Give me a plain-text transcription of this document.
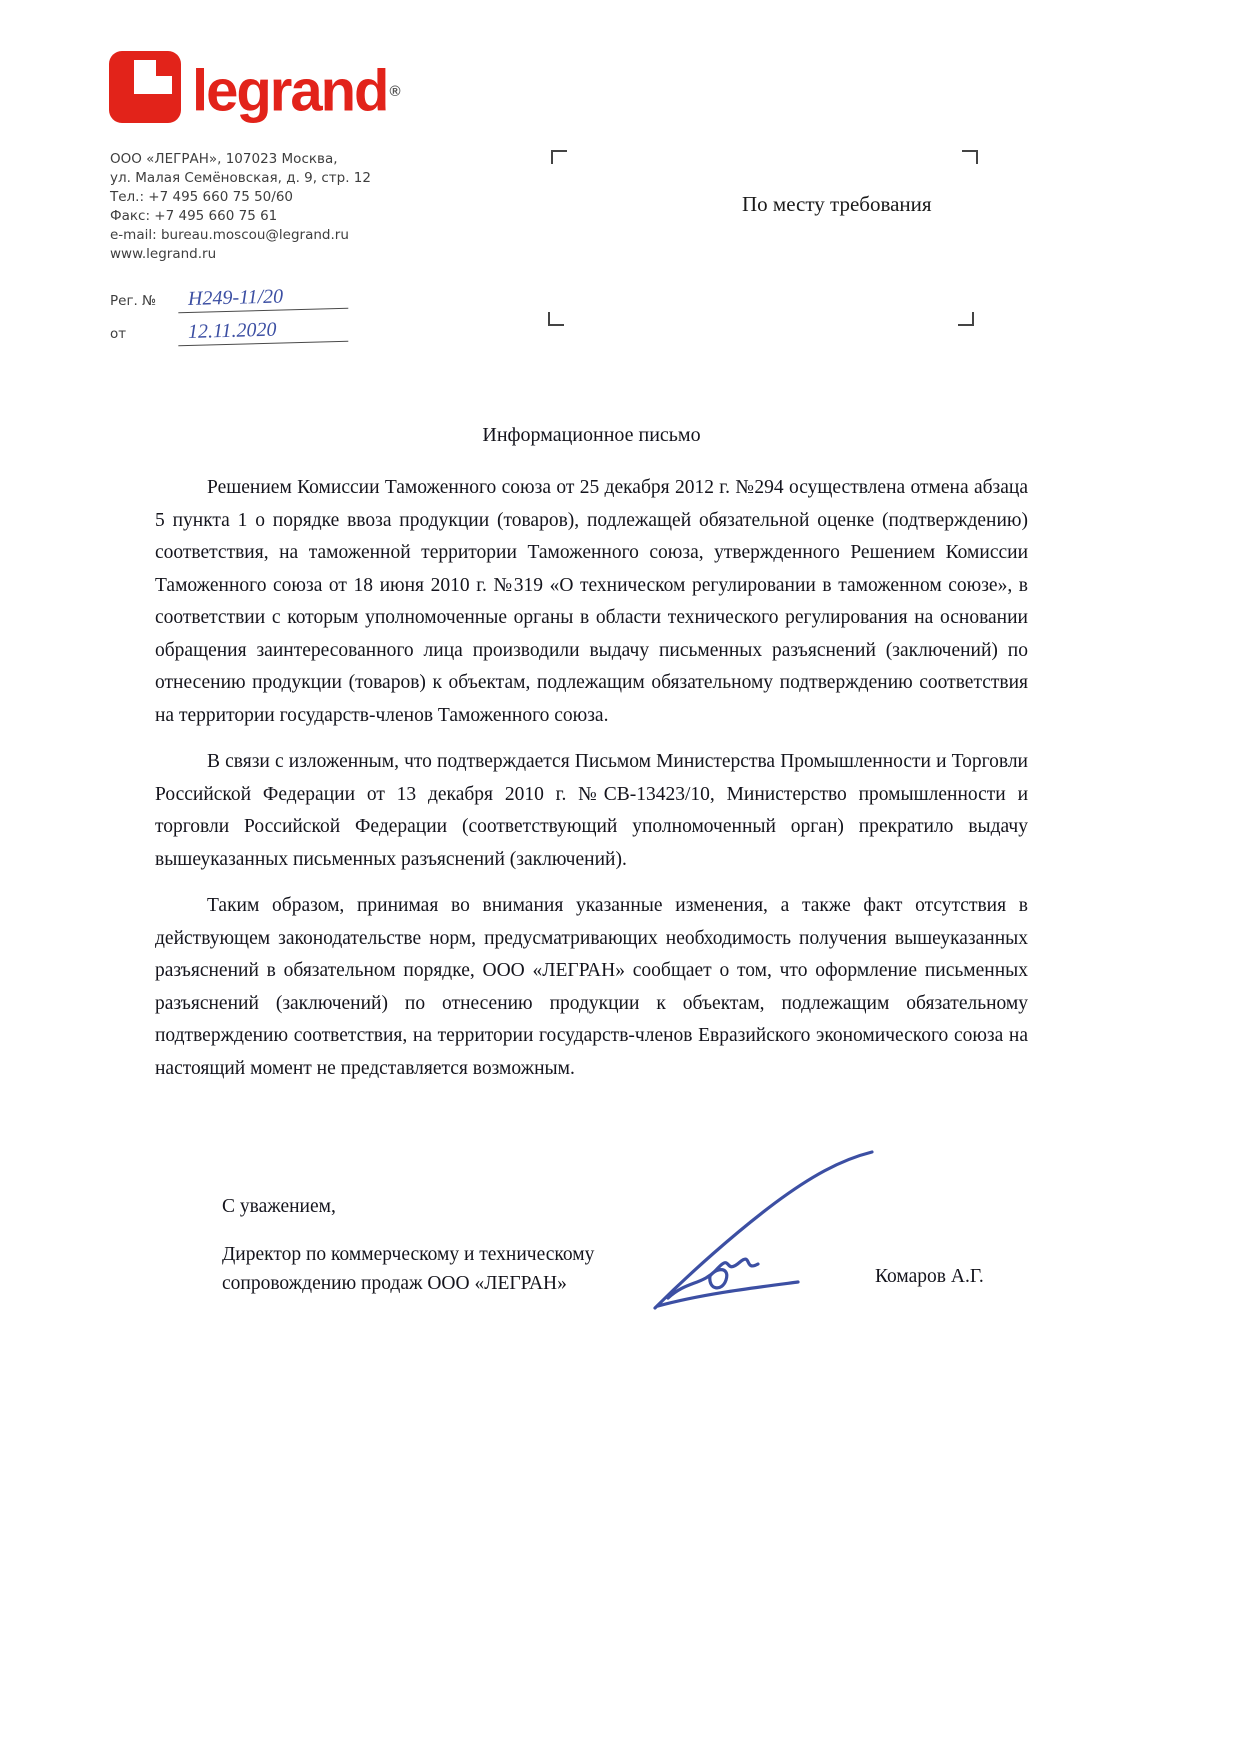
legrand ®
ООО «ЛЕГРАН», 107023 Москва,
ул. Малая Семёновская, д. 9, стр. 12
Тел.: +7 495 660 75 50/60
Факс: +7 495 660 75 61
e-mail: bureau.moscou@legrand.ru
www.legrand.ru
Рег. №	Н249-11/20
от	12.11.2020
По месту требования
Информационное письмо

Решением Комиссии Таможенного союза от 25 декабря 2012 г. №294 осуществлена отмена абзаца 5 пункта 1 о порядке ввоза продукции (товаров), подлежащей обязательной оценке (подтверждению) соответствия, на таможенной территории Таможенного союза, утвержденного Решением Комиссии Таможенного союза от 18 июня 2010 г. №319 «О техническом регулировании в таможенном союзе», в соответствии с которым уполномоченные органы в области технического регулирования на основании обращения заинтересованного лица производили выдачу письменных разъяснений (заключений) по отнесению продукции (товаров) к объектам, подлежащим обязательному подтверждению соответствия на территории государств-членов Таможенного союза.

В связи с изложенным, что подтверждается Письмом Министерства Промышленности и Торговли Российской Федерации от 13 декабря 2010 г. №СВ-13423/10, Министерство промышленности и торговли Российской Федерации (соответствующий уполномоченный орган) прекратило выдачу вышеуказанных письменных разъяснений (заключений).

Таким образом, принимая во внимания указанные изменения, а также факт отсутствия в действующем законодательстве норм, предусматривающих необходимость получения вышеуказанных разъяснений в обязательном порядке, ООО «ЛЕГРАН» сообщает о том, что оформление письменных разъяснений (заключений) по отнесению продукции к объектам, подлежащим обязательному подтверждению соответствия, на территории государств-членов Евразийского экономического союза на настоящий момент не представляется возможным.

С уважением,
Директор по коммерческому и техническому сопровождению продаж ООО «ЛЕГРАН»	Комаров А.Г.
